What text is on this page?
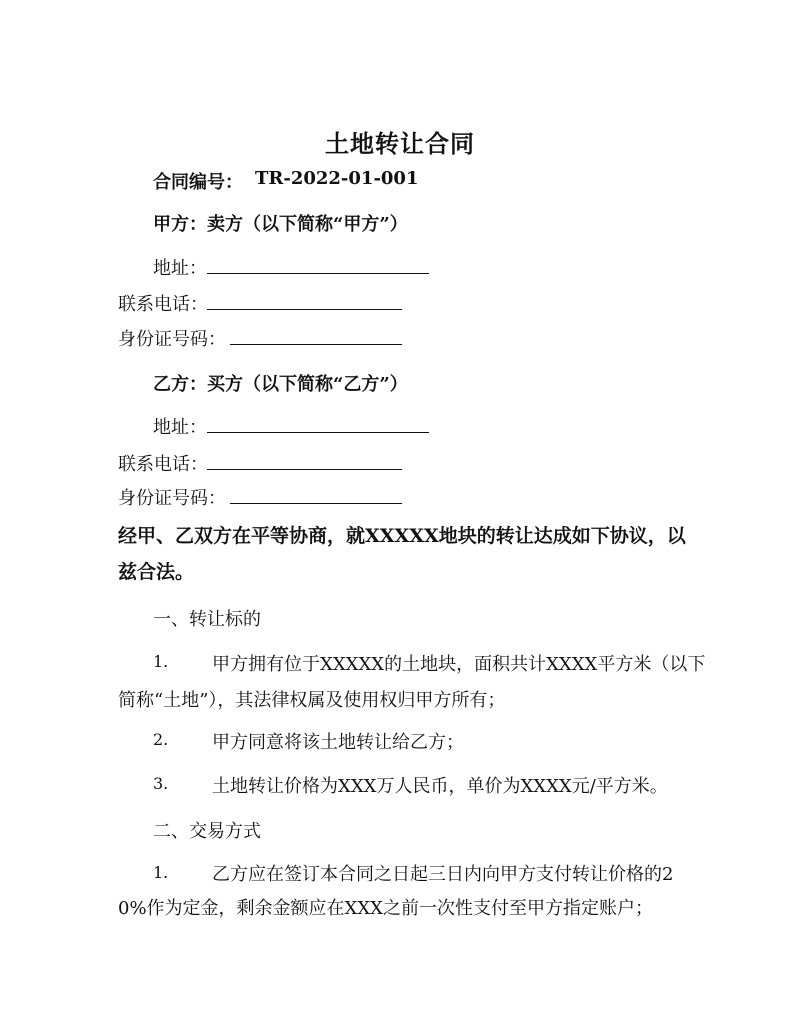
土地转让合同
合同编号： TR-2022-01-001
甲方：卖方（以下简称“甲方”）
地址：
联系电话：
身份证号码：
乙方：买方（以下简称“乙方”）
地址：
联系电话：
身份证号码：
经甲、乙双方在平等协商，就XXXXX地块的转让达成如下协议，以
兹合法。
一、转让标的
1. 甲方拥有位于XXXXX的土地块，面积共计XXXX平方米（以下
简称“土地”），其法律权属及使用权归甲方所有；
2. 甲方同意将该土地转让给乙方；
3. 土地转让价格为XXX万人民币，单价为XXXX元/平方米。
二、交易方式
1. 乙方应在签订本合同之日起三日内向甲方支付转让价格的2
0%作为定金，剩余金额应在XXX之前一次性支付至甲方指定账户；
